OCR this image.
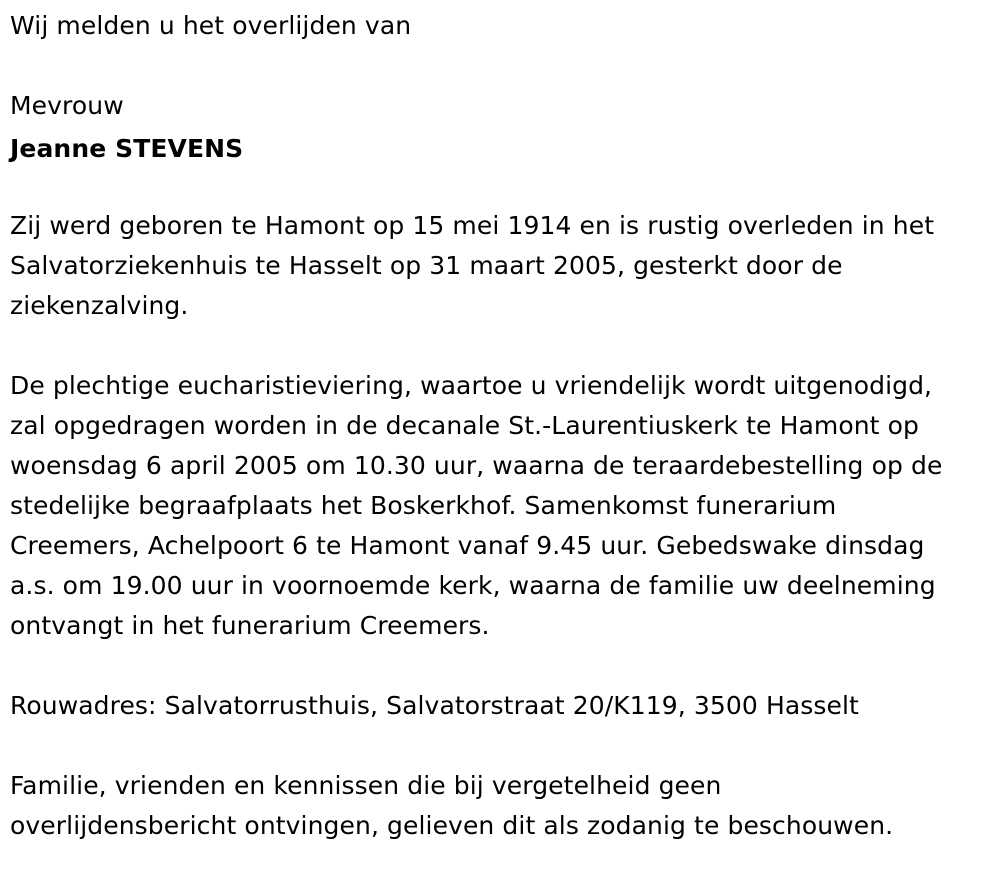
Wij melden u het overlijden van

Mevrouw

Jeanne STEVENS

Zij werd geboren te Hamont op 15 mei 1914 en is rustig overleden in het

Salvatorziekenhuis te Hasselt op 31 maart 2005, gesterkt door de

ziekenzalving.

De plechtige eucharistieviering, waartoe u vriendelijk wordt uitgenodigd,

zal opgedragen worden in de decanale St.-Laurentiuskerk te Hamont op

woensdag 6 april 2005 om 10.30 uur, waarna de teraardebestelling op de

stedelijke begraafplaats het Boskerkhof. Samenkomst funerarium

Creemers, Achelpoort 6 te Hamont vanaf 9.45 uur. Gebedswake dinsdag

a.s. om 19.00 uur in voornoemde kerk, waarna de familie uw deelneming

ontvangt in het funerarium Creemers.

Rouwadres: Salvatorrusthuis, Salvatorstraat 20/K119, 3500 Hasselt

Familie, vrienden en kennissen die bij vergetelheid geen

overlijdensbericht ontvingen, gelieven dit als zodanig te beschouwen.
